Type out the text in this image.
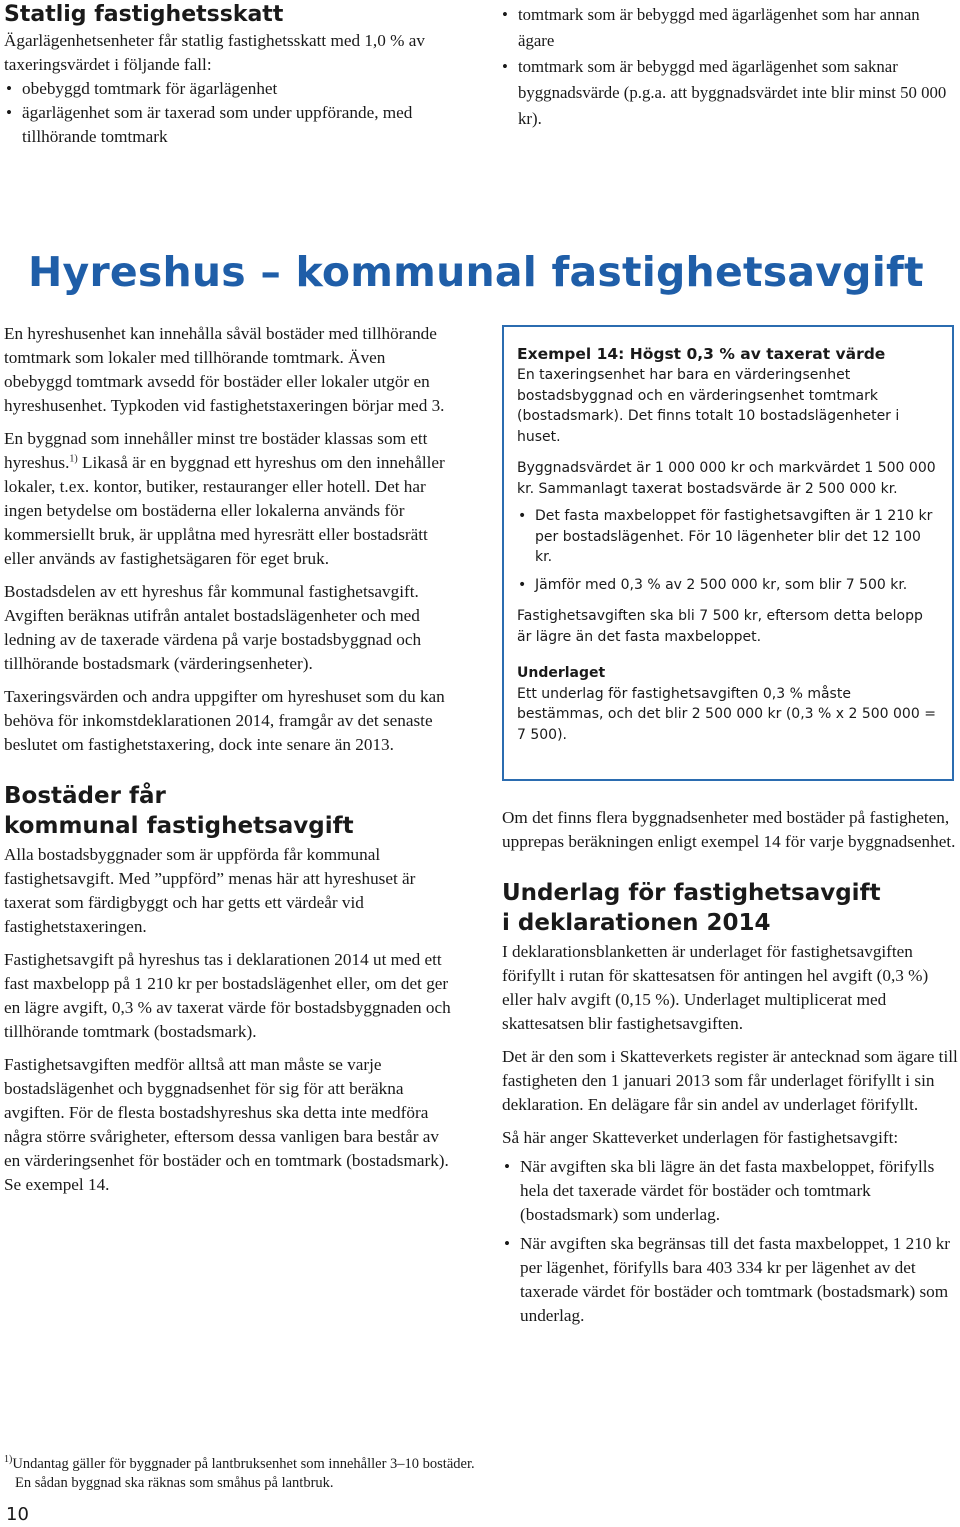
Statlig fastighetsskatt

Ägarlägenhetsenheter får statlig fastighetsskatt med 1,0 % av taxeringsvärdet i följande fall:

• obebyggd tomtmark för ägarlägenhet

• ägarlägenhet som är taxerad som under uppförande, med tillhörande tomtmark

• tomtmark som är bebyggd med ägarlägenhet som har annan ägare

• tomtmark som är bebyggd med ägarlägenhet som saknar byggnadsvärde (p.g.a. att byggnadsvärdet inte blir minst 50 000 kr).

Hyreshus – kommunal fastighetsavgift

En hyreshusenhet kan innehålla såväl bostäder med tillhörande tomtmark som lokaler med tillhörande tomtmark. Även obebyggd tomtmark avsedd för bostäder eller lokaler utgör en hyreshusenhet. Typkoden vid fastighetstaxeringen börjar med 3.

En byggnad som innehåller minst tre bostäder klassas som ett hyreshus.$^{1)}$ Likaså är en byggnad ett hyreshus om den innehåller lokaler, t.ex. kontor, butiker, restauranger eller hotell. Det har ingen betydelse om bostäderna eller lokalerna används för kommersiellt bruk, är upplåtna med hyresrätt eller bostadsrätt eller används av fastighetsägaren för eget bruk.

Bostadsdelen av ett hyreshus får kommunal fastighetsavgift. Avgiften beräknas utifrån antalet bostadslägenheter och med ledning av de taxerade värdena på varje bostadsbyggnad och tillhörande bostadsmark (värderingsenheter).

Taxeringsvärden och andra uppgifter om hyreshuset som du kan behöva för inkomstdeklarationen 2014, framgår av det senaste beslutet om fastighetstaxering, dock inte senare än 2013.

Bostäder får
kommunal fastighetsavgift

Alla bostadsbyggnader som är uppförda får kommunal fastighetsavgift. Med ”uppförd” menas här att hyreshuset är taxerat som färdigbyggt och har getts ett värdeår vid fastighetstaxeringen.

Fastighetsavgift på hyreshus tas i deklarationen 2014 ut med ett fast maxbelopp på 1 210 kr per bostadslägenhet eller, om det ger en lägre avgift, 0,3 % av taxerat värde för bostadsbyggnaden och tillhörande tomtmark (bostadsmark).

Fastighetsavgiften medför alltså att man måste se varje bostadslägenhet och byggnadsenhet för sig för att beräkna avgiften. För de flesta bostadshyreshus ska detta inte medföra några större svårigheter, eftersom dessa vanligen bara består av en värderingsenhet för bostäder och en tomtmark (bostadsmark). Se exempel 14.

Exempel 14: Högst 0,3 % av taxerat värde

En taxeringsenhet har bara en värderingsenhet bostadsbyggnad och en värderingsenhet tomtmark (bostadsmark). Det finns totalt 10 bostadslägenheter i huset.

Byggnadsvärdet är 1 000 000 kr och markvärdet 1 500 000 kr. Sammanlagt taxerat bostadsvärde är 2 500 000 kr.

• Det fasta maxbeloppet för fastighetsavgiften är 1 210 kr per bostadslägenhet. För 10 lägenheter blir det 12 100 kr.

• Jämför med 0,3 % av 2 500 000 kr, som blir 7 500 kr.

Fastighetsavgiften ska bli 7 500 kr, eftersom detta belopp är lägre än det fasta maxbeloppet.

Underlaget

Ett underlag för fastighetsavgiften 0,3 % måste bestämmas, och det blir 2 500 000 kr (0,3 % x 2 500 000 = 7 500).

Om det finns flera byggnadsenheter med bostäder på fastigheten, upprepas beräkningen enligt exempel 14 för varje byggnadsenhet.

Underlag för fastighetsavgift
i deklarationen 2014

I deklarationsblanketten är underlaget för fastighetsavgiften förifyllt i rutan för skattesatsen för antingen hel avgift (0,3 %) eller halv avgift (0,15 %). Underlaget multiplicerat med skattesatsen blir fastighetsavgiften.

Det är den som i Skatteverkets register är antecknad som ägare till fastigheten den 1 januari 2013 som får underlaget förifyllt i sin deklaration. En delägare får sin andel av underlaget förifyllt.

Så här anger Skatteverket underlagen för fastighetsavgift:

• När avgiften ska bli lägre än det fasta maxbeloppet, förifylls hela det taxerade värdet för bostäder och tomtmark (bostadsmark) som underlag.

• När avgiften ska begränsas till det fasta maxbeloppet, 1 210 kr per lägenhet, förifylls bara 403 334 kr per lägenhet av det taxerade värdet för bostäder och tomtmark (bostadsmark) som underlag.

$^{1)}$Undantag gäller för byggnader på lantbruksenhet som innehåller 3–10 bostäder.
En sådan byggnad ska räknas som småhus på lantbruk.
10
